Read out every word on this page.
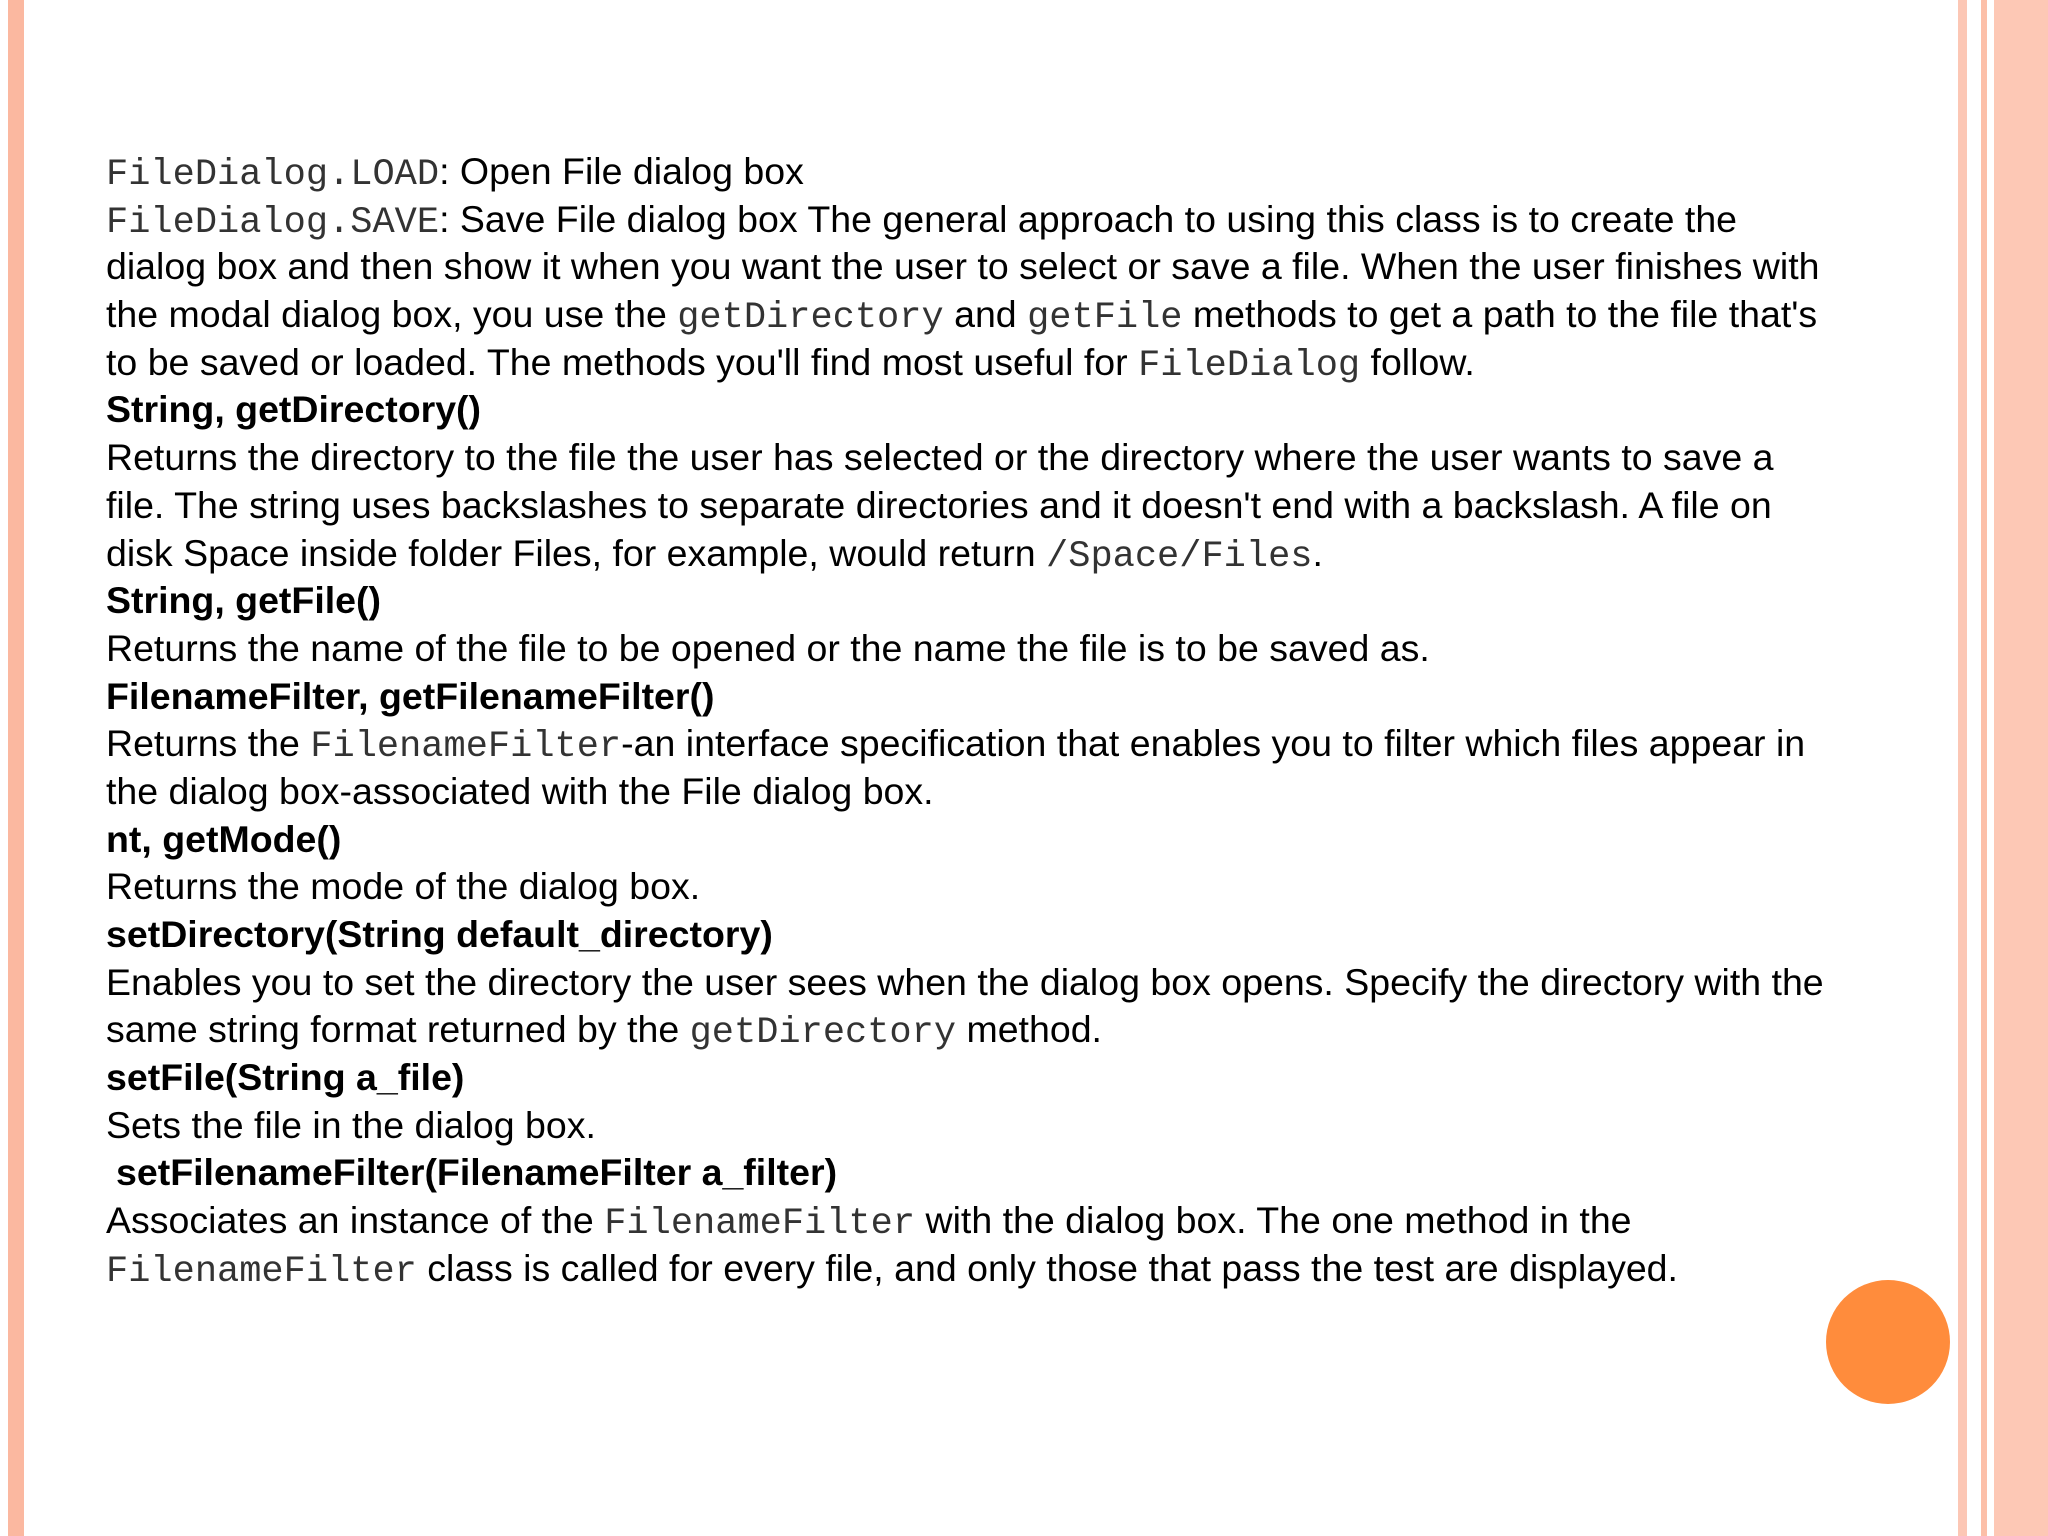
FileDialog.LOAD: Open File dialog box
FileDialog.SAVE: Save File dialog box The general approach to using this class is to create the
dialog box and then show it when you want the user to select or save a file. When the user finishes with
the modal dialog box, you use the getDirectory and getFile methods to get a path to the file that's
to be saved or loaded. The methods you'll find most useful for FileDialog follow.
String, getDirectory()
Returns the directory to the file the user has selected or the directory where the user wants to save a
file. The string uses backslashes to separate directories and it doesn't end with a backslash. A file on
disk Space inside folder Files, for example, would return /Space/Files.
String, getFile()
Returns the name of the file to be opened or the name the file is to be saved as.
FilenameFilter, getFilenameFilter()
Returns the FilenameFilter-an interface specification that enables you to filter which files appear in
the dialog box-associated with the File dialog box.
nt, getMode()
Returns the mode of the dialog box.
setDirectory(String default_directory)
Enables you to set the directory the user sees when the dialog box opens. Specify the directory with the
same string format returned by the getDirectory method.
setFile(String a_file)
Sets the file in the dialog box.
setFilenameFilter(FilenameFilter a_filter)
Associates an instance of the FilenameFilter with the dialog box. The one method in the
FilenameFilter class is called for every file, and only those that pass the test are displayed.
